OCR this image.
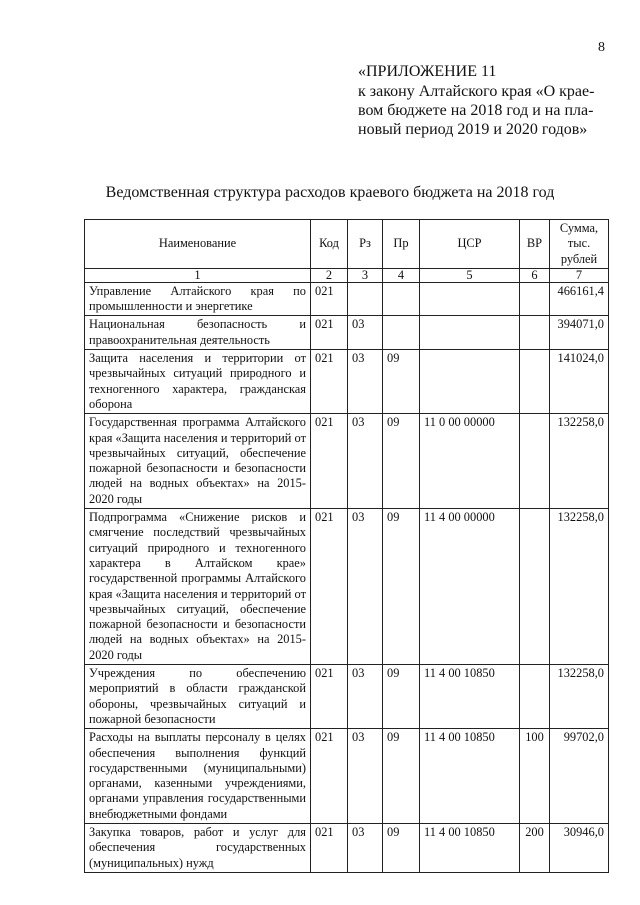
8
«ПРИЛОЖЕНИЕ 11
к закону Алтайского края «О крае-
вом бюджете на 2018 год и на пла-
новый период 2019 и 2020 годов»
Ведомственная структура расходов краевого бюджета на 2018 год
Наименование	Код	Рз	Пр	ЦСР	ВР	Сумма, тыс. рублей
1	2	3	4	5	6	7
Управление Алтайского края по промышленности и энергетике	021					466161,4
Национальная безопасность и правоохранительная деятельность	021	03				394071,0
Защита населения и территории от чрезвычайных ситуаций природного и техногенного характера, гражданская оборона	021	03	09			141024,0
Государственная программа Алтайского края «Защита населения и территорий от чрезвычайных ситуаций, обеспечение пожарной безопасности и безопасности людей на водных объектах» на 2015-2020 годы	021	03	09	11 0 00 00000		132258,0
Подпрограмма «Снижение рисков и смягчение последствий чрезвычайных ситуаций природного и техногенного характера в Алтайском крае» государственной программы Алтайского края «Защита населения и территорий от чрезвычайных ситуаций, обеспечение пожарной безопасности и безопасности людей на водных объектах» на 2015-2020 годы	021	03	09	11 4 00 00000		132258,0
Учреждения по обеспечению мероприятий в области гражданской обороны, чрезвычайных ситуаций и пожарной безопасности	021	03	09	11 4 00 10850		132258,0
Расходы на выплаты персоналу в целях обеспечения выполнения функций государственными (муниципальными) органами, казенными учреждениями, органами управления государственными внебюджетными фондами	021	03	09	11 4 00 10850	100	99702,0
Закупка товаров, работ и услуг для обеспечения государственных (муниципальных) нужд	021	03	09	11 4 00 10850	200	30946,0
